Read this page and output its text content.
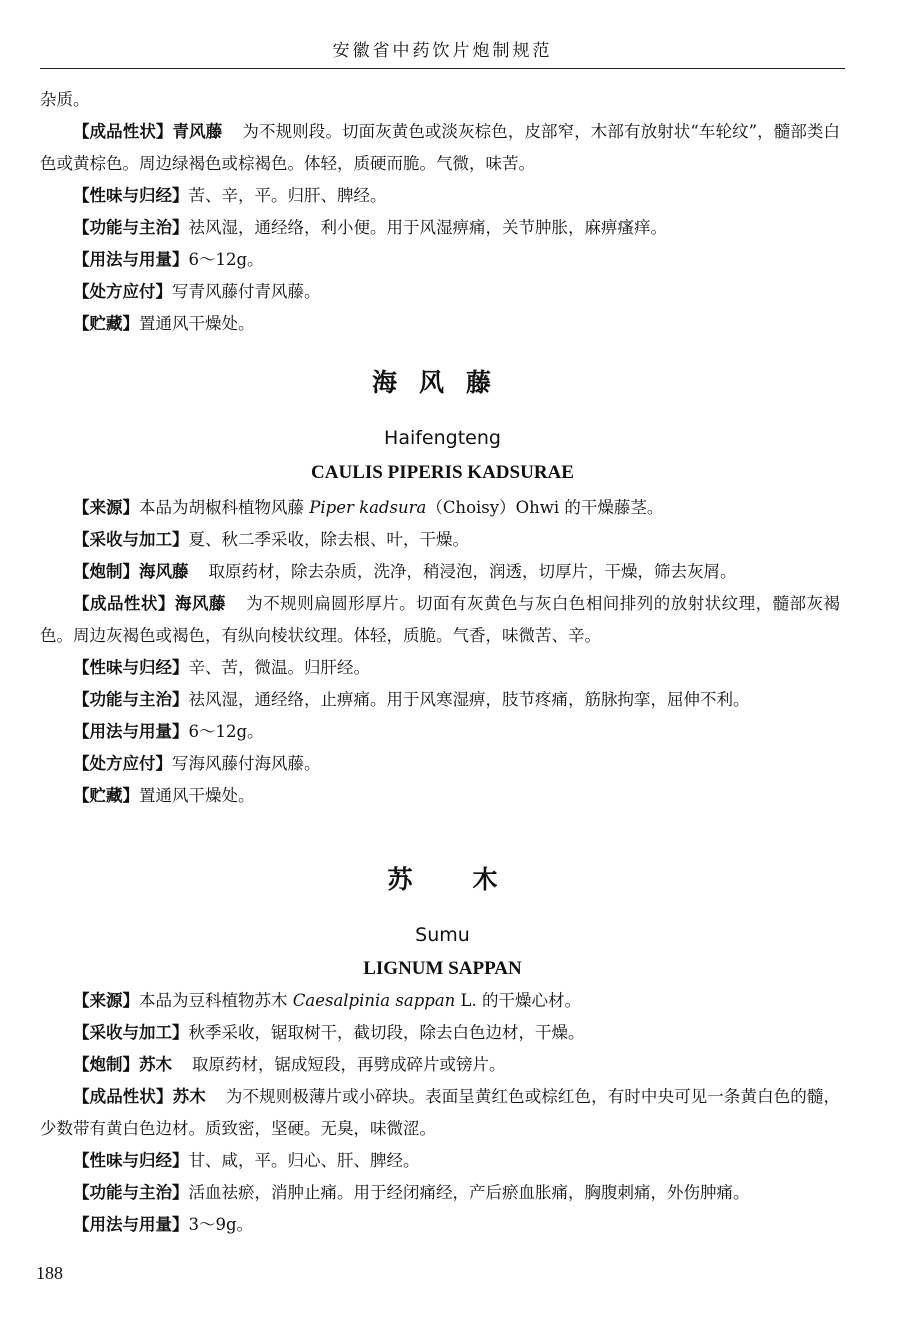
安徽省中药饮片炮制规范

杂质。

【成品性状】青风藤 为不规则段。切面灰黄色或淡灰棕色，皮部窄，木部有放射状“车轮纹”，髓部类白色或黄棕色。周边绿褐色或棕褐色。体轻，质硬而脆。气微，味苦。

【性味与归经】苦、辛，平。归肝、脾经。

【功能与主治】祛风湿，通经络，利小便。用于风湿痹痛，关节肿胀，麻痹瘙痒。

【用法与用量】6～12g。

【处方应付】写青风藤付青风藤。

【贮藏】置通风干燥处。

海风藤
Haifengteng
CAULIS PIPERIS KADSURAE

【来源】本品为胡椒科植物风藤 Piper kadsura（Choisy）Ohwi 的干燥藤茎。

【采收与加工】夏、秋二季采收，除去根、叶，干燥。

【炮制】海风藤 取原药材，除去杂质，洗净，稍浸泡，润透，切厚片，干燥，筛去灰屑。

【成品性状】海风藤 为不规则扁圆形厚片。切面有灰黄色与灰白色相间排列的放射状纹理，髓部灰褐色。周边灰褐色或褐色，有纵向棱状纹理。体轻，质脆。气香，味微苦、辛。

【性味与归经】辛、苦，微温。归肝经。

【功能与主治】祛风湿，通经络，止痹痛。用于风寒湿痹，肢节疼痛，筋脉拘挛，屈伸不利。

【用法与用量】6～12g。

【处方应付】写海风藤付海风藤。

【贮藏】置通风干燥处。

苏木
Sumu
LIGNUM SAPPAN

【来源】本品为豆科植物苏木 Caesalpinia sappan L. 的干燥心材。

【采收与加工】秋季采收，锯取树干，截切段，除去白色边材，干燥。

【炮制】苏木 取原药材，锯成短段，再劈成碎片或镑片。

【成品性状】苏木 为不规则极薄片或小碎块。表面呈黄红色或棕红色，有时中央可见一条黄白色的髓，少数带有黄白色边材。质致密，坚硬。无臭，味微涩。

【性味与归经】甘、咸，平。归心、肝、脾经。

【功能与主治】活血祛瘀，消肿止痛。用于经闭痛经，产后瘀血胀痛，胸腹刺痛，外伤肿痛。

【用法与用量】3～9g。

188
